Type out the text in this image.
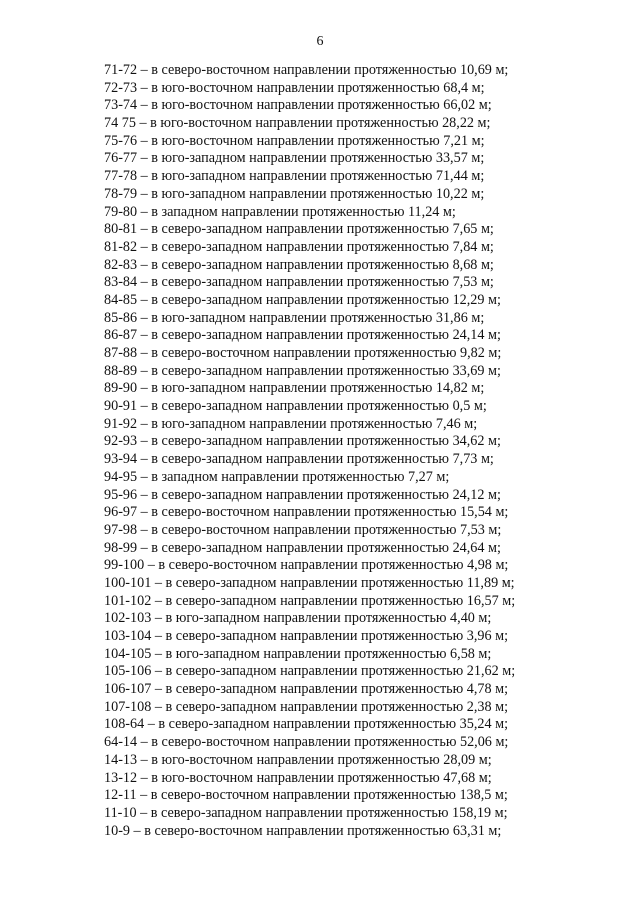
6
71-72 – в северо-восточном направлении протяженностью 10,69 м;
72-73 – в юго-восточном направлении протяженностью 68,4 м;
73-74 – в юго-восточном направлении протяженностью 66,02 м;
74 75 – в юго-восточном направлении протяженностью 28,22 м;
75-76 – в юго-восточном направлении протяженностью 7,21 м;
76-77 – в юго-западном направлении протяженностью 33,57 м;
77-78 – в юго-западном направлении протяженностью 71,44 м;
78-79 – в юго-западном направлении протяженностью 10,22 м;
79-80 – в западном направлении протяженностью 11,24 м;
80-81 – в северо-западном направлении протяженностью 7,65 м;
81-82 – в северо-западном направлении протяженностью 7,84 м;
82-83 – в северо-западном направлении протяженностью 8,68 м;
83-84 – в северо-западном направлении протяженностью 7,53 м;
84-85 – в северо-западном направлении протяженностью 12,29 м;
85-86 – в юго-западном направлении протяженностью 31,86 м;
86-87 – в северо-западном направлении протяженностью 24,14 м;
87-88 – в северо-восточном направлении протяженностью 9,82 м;
88-89 – в северо-западном направлении протяженностью 33,69 м;
89-90 – в юго-западном направлении протяженностью 14,82 м;
90-91 – в северо-западном направлении протяженностью 0,5 м;
91-92 – в юго-западном направлении протяженностью 7,46 м;
92-93 – в северо-западном направлении протяженностью 34,62 м;
93-94 – в северо-западном направлении протяженностью 7,73 м;
94-95 – в западном направлении протяженностью 7,27 м;
95-96 – в северо-западном направлении протяженностью 24,12 м;
96-97 – в северо-восточном направлении протяженностью 15,54 м;
97-98 – в северо-восточном направлении протяженностью 7,53 м;
98-99 – в северо-западном направлении протяженностью 24,64 м;
99-100 – в северо-восточном направлении протяженностью 4,98 м;
100-101 – в северо-западном направлении протяженностью 11,89 м;
101-102 – в северо-западном направлении протяженностью 16,57 м;
102-103 – в юго-западном направлении протяженностью 4,40 м;
103-104 – в северо-западном направлении протяженностью 3,96 м;
104-105 – в юго-западном направлении протяженностью 6,58 м;
105-106 – в северо-западном направлении протяженностью 21,62 м;
106-107 – в северо-западном направлении протяженностью 4,78 м;
107-108 – в северо-западном направлении протяженностью 2,38 м;
108-64 – в северо-западном направлении протяженностью 35,24 м;
64-14 – в северо-восточном направлении протяженностью 52,06 м;
14-13 – в юго-восточном направлении протяженностью 28,09 м;
13-12 – в юго-восточном направлении протяженностью 47,68 м;
12-11 – в северо-восточном направлении протяженностью 138,5 м;
11-10 – в северо-западном направлении протяженностью 158,19 м;
10-9 – в северо-восточном направлении протяженностью 63,31 м;
